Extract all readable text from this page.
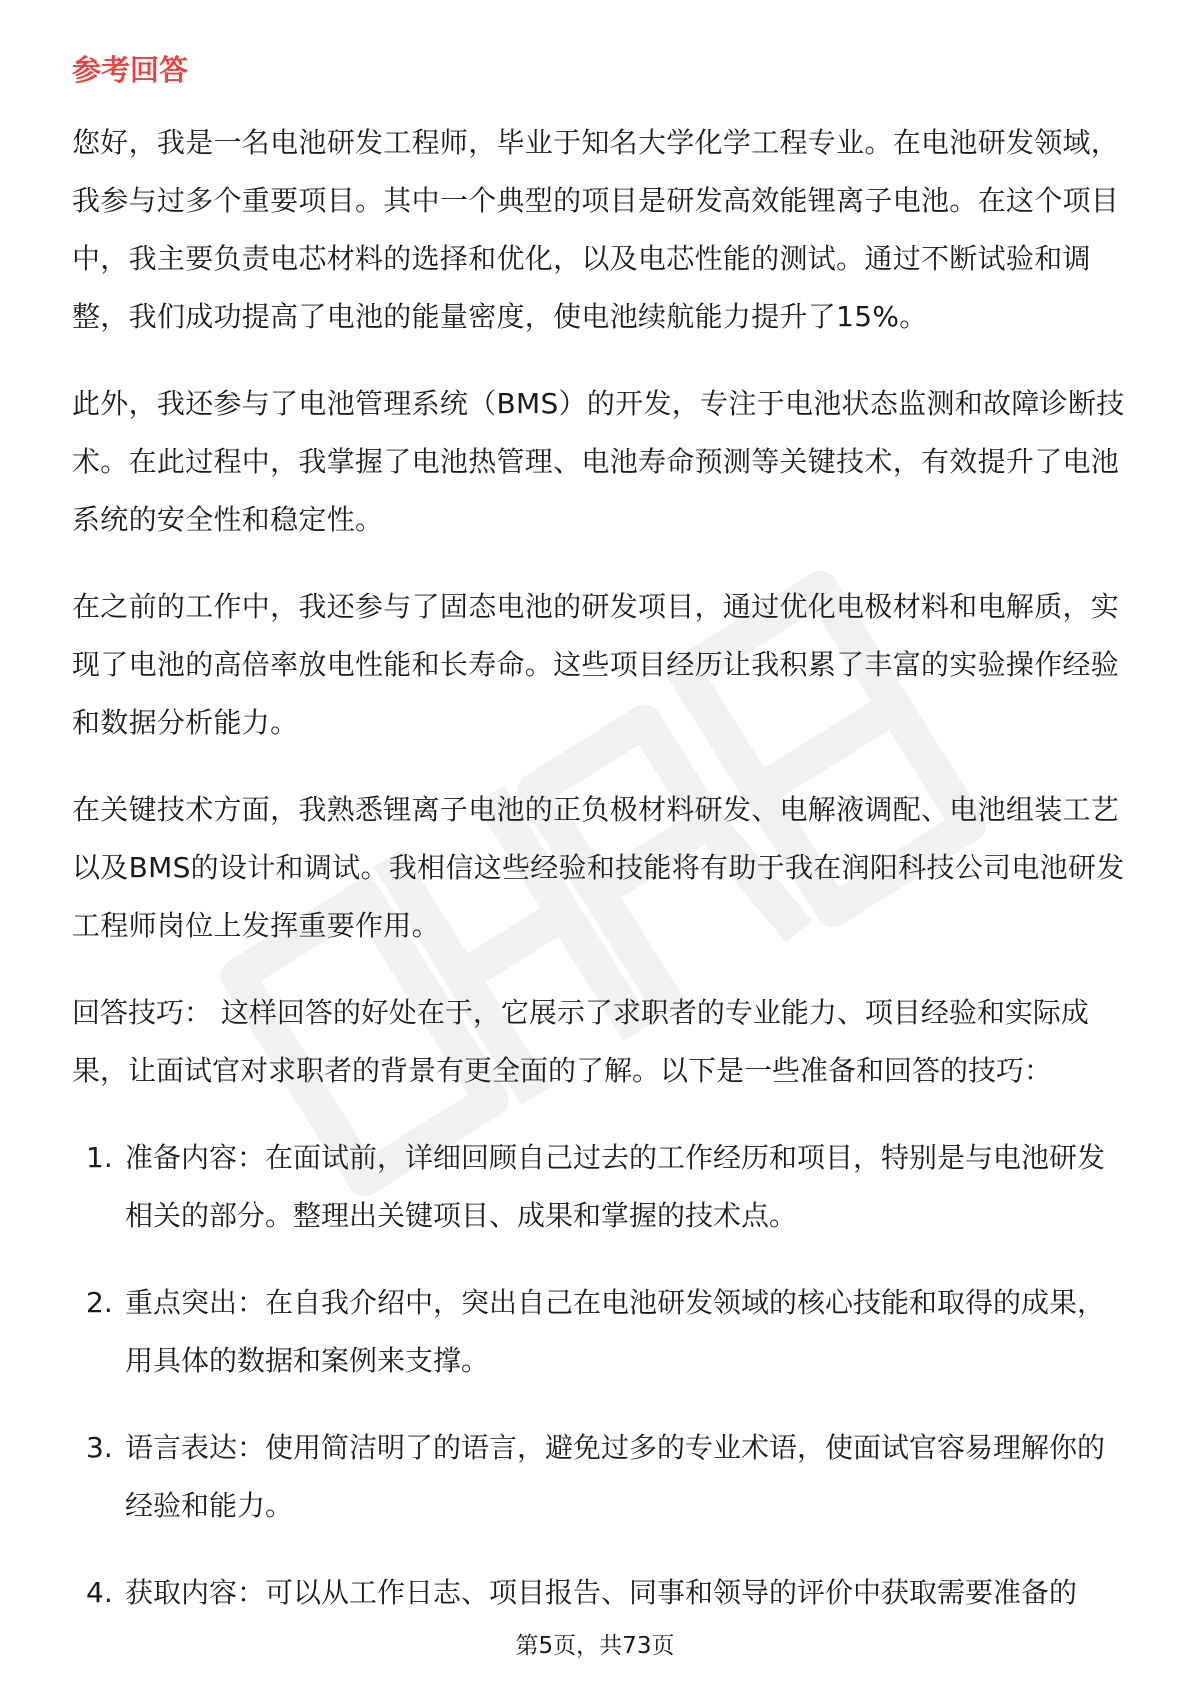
参考回答

您好，我是一名电池研发工程师，毕业于知名大学化学工程专业。在电池研发领域，我参与过多个重要项目。其中一个典型的项目是研发高效能锂离子电池。在这个项目中，我主要负责电芯材料的选择和优化，以及电芯性能的测试。通过不断试验和调整，我们成功提高了电池的能量密度，使电池续航能力提升了15%。

此外，我还参与了电池管理系统（BMS）的开发，专注于电池状态监测和故障诊断技术。在此过程中，我掌握了电池热管理、电池寿命预测等关键技术，有效提升了电池系统的安全性和稳定性。

在之前的工作中，我还参与了固态电池的研发项目，通过优化电极材料和电解质，实现了电池的高倍率放电性能和长寿命。这些项目经历让我积累了丰富的实验操作经验和数据分析能力。

在关键技术方面，我熟悉锂离子电池的正负极材料研发、电解液调配、电池组装工艺以及BMS的设计和调试。我相信这些经验和技能将有助于我在润阳科技公司电池研发工程师岗位上发挥重要作用。

回答技巧： 这样回答的好处在于，它展示了求职者的专业能力、项目经验和实际成果，让面试官对求职者的背景有更全面的了解。以下是一些准备和回答的技巧：

1. 准备内容：在面试前，详细回顾自己过去的工作经历和项目，特别是与电池研发相关的部分。整理出关键项目、成果和掌握的技术点。
2. 重点突出：在自我介绍中，突出自己在电池研发领域的核心技能和取得的成果，用具体的数据和案例来支撑。
3. 语言表达：使用简洁明了的语言，避免过多的专业术语，使面试官容易理解你的经验和能力。
4. 获取内容：可以从工作日志、项目报告、同事和领导的评价中获取需要准备的
第5页，共73页
